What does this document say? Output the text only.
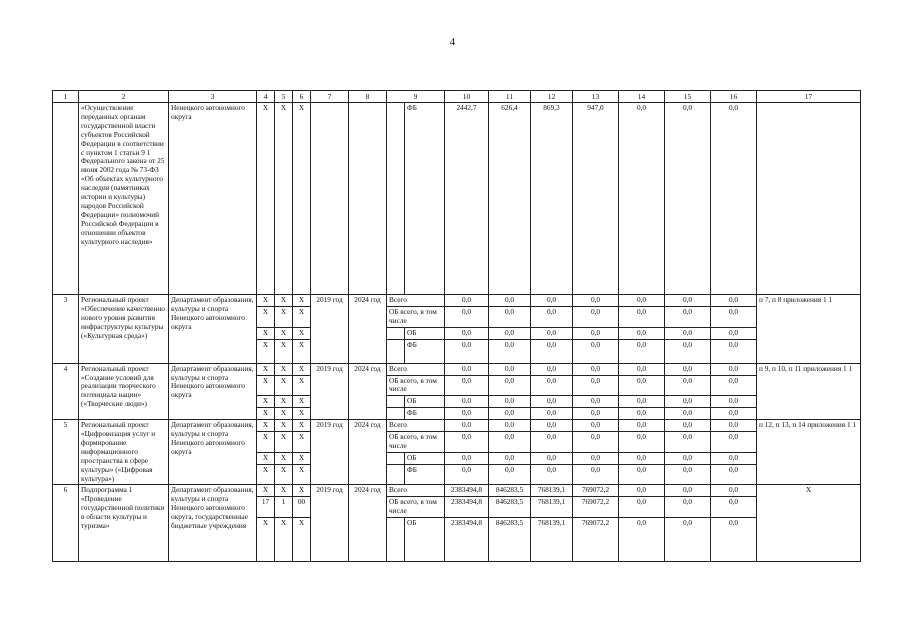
4
1	2	3	4	5	6	7	8	9		10	11	12	13	14	15	16	17
	«Осуществление переданных органам государственной власти субъектов Российской Федерации в соответствии с пунктом 1 статьи 9 1 Федерального закона от 25 июня 2002 года № 73-ФЗ «Об объектах культурного наследия (памятниках истории и культуры) народов Российской Федерации» полномочий Российской Федерации в отношении объектов культурного наследия»	Ненецкого автономного округа	X	X	X				ФБ	2442,7	626,4	869,3	947,0	0,0	0,0	0,0	
3	Региональный проект «Обеспечение качественно нового уровня развития инфраструктуры культуры («Культурная среда»)	Департамент образования, культуры и спорта Ненецкого автономного округа	X	X	X	2019 год	2024 год	Всего		0,0	0,0	0,0	0,0	0,0	0,0	0,0	п 7, п 8 приложения 1 1
			X	X	X			ОБ всего, в том числе		0,0	0,0	0,0	0,0	0,0	0,0	0,0	
			X	X	X				ОБ	0,0	0,0	0,0	0,0	0,0	0,0	0,0	
			X	X	X				ФБ	0,0	0,0	0,0	0,0	0,0	0,0	0,0	
4	Региональный проект «Создание условий для реализации творческого потенциала нации» («Творческие люди»)	Департамент образования, культуры и спорта Ненецкого автономного округа	X	X	X	2019 год	2024 год	Всего		0,0	0,0	0,0	0,0	0,0	0,0	0,0	п 9, п 10, п 11 приложения 1 1
			X	X	X			ОБ всего, в том числе		0,0	0,0	0,0	0,0	0,0	0,0	0,0	
			X	X	X				ОБ	0,0	0,0	0,0	0,0	0,0	0,0	0,0	
			X	X	X				ФБ	0,0	0,0	0,0	0,0	0,0	0,0	0,0	
5	Региональный проект «Цифровизация услуг и формирование информационного пространства в сфере культуры» («Цифровая культура»)	Департамент образования, культуры и спорта Ненецкого автономного округа	X	X	X	2019 год	2024 год	Всего		0,0	0,0	0,0	0,0	0,0	0,0	0,0	п 12, п 13, п 14 приложения 1 1
			X	X	X			ОБ всего, в том числе		0,0	0,0	0,0	0,0	0,0	0,0	0,0	
			X	X	X				ОБ	0,0	0,0	0,0	0,0	0,0	0,0	0,0	
			X	X	X				ФБ	0,0	0,0	0,0	0,0	0,0	0,0	0,0	
6	Подпрограмма 1 «Проведение государственной политики в области культуры и туризма»	Департамент образования, культуры и спорта Ненецкого автономного округа, государственные бюджетные учреждения	X	X	X	2019 год	2024 год	Всего		2383494,8	846283,5	768139,1	769072,2	0,0	0,0	0,0	X
			17	1	00			ОБ всего, в том числе		2383494,8	846283,5	768139,1	769072,2	0,0	0,0	0,0	
			X	X	X				ОБ	2383494,8	846283,5	768139,1	769072,2	0,0	0,0	0,0	
